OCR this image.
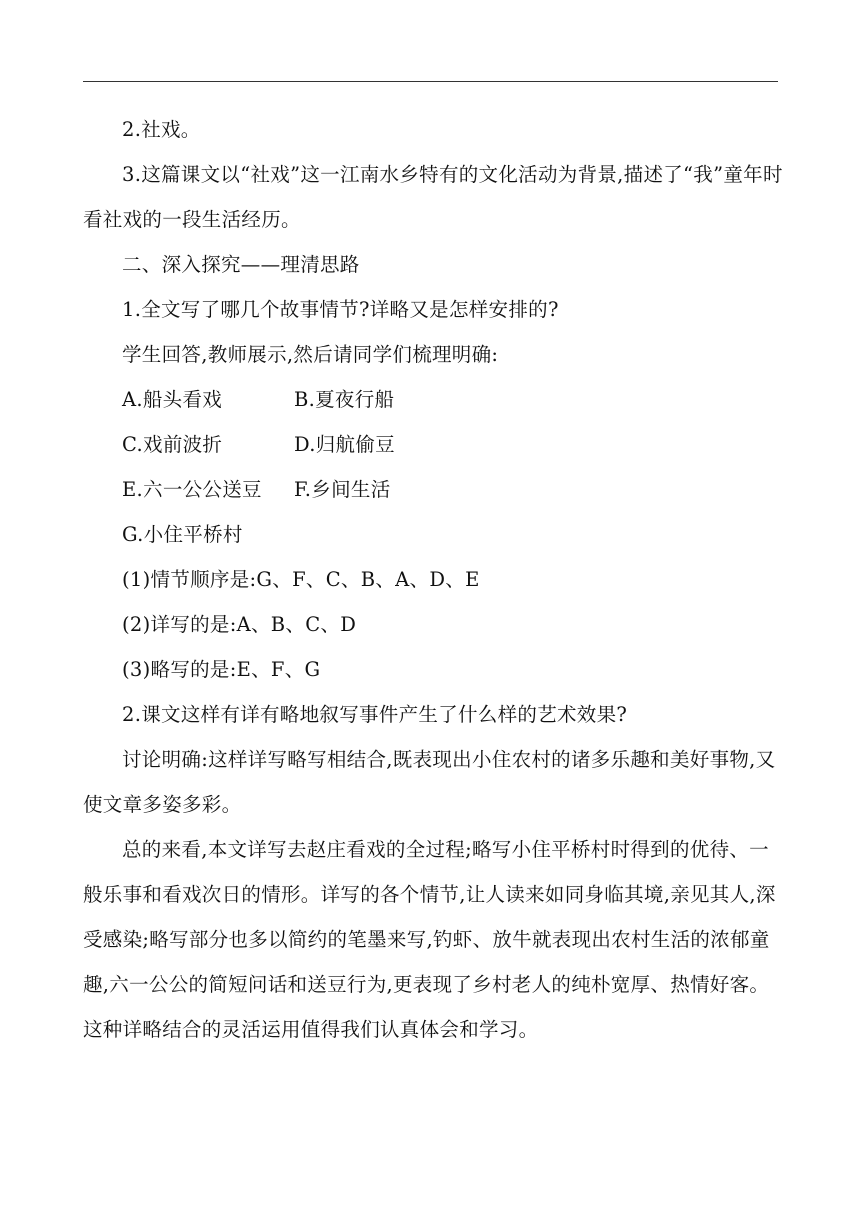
2.社戏。

3.这篇课文以“社戏”这一江南水乡特有的文化活动为背景,描述了“我”童年时看社戏的一段生活经历。

二、深入探究——理清思路

1.全文写了哪几个故事情节?详略又是怎样安排的?

学生回答,教师展示,然后请同学们梳理明确:

A.船头看戏	B.夏夜行船
C.戏前波折	D.归航偷豆
E.六一公公送豆	F.乡间生活
G.小住平桥村

(1)情节顺序是:G、F、C、B、A、D、E

(2)详写的是:A、B、C、D

(3)略写的是:E、F、G

2.课文这样有详有略地叙写事件产生了什么样的艺术效果?

讨论明确:这样详写略写相结合,既表现出小住农村的诸多乐趣和美好事物,又使文章多姿多彩。

总的来看,本文详写去赵庄看戏的全过程;略写小住平桥村时得到的优待、一般乐事和看戏次日的情形。详写的各个情节,让人读来如同身临其境,亲见其人,深受感染;略写部分也多以简约的笔墨来写,钓虾、放牛就表现出农村生活的浓郁童趣,六一公公的简短问话和送豆行为,更表现了乡村老人的纯朴宽厚、热情好客。这种详略结合的灵活运用值得我们认真体会和学习。
